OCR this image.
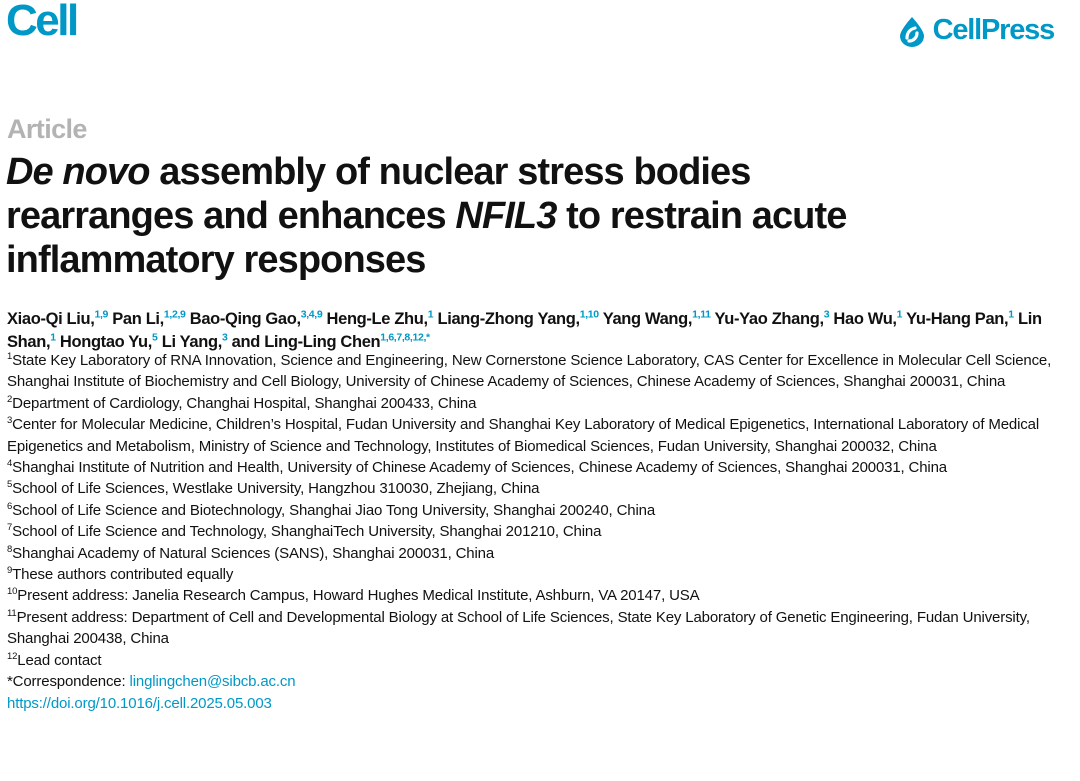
Cell	CellPress
Article
De novo assembly of nuclear stress bodies rearranges and enhances NFIL3 to restrain acute inflammatory responses

Xiao-Qi Liu,$^{1,9}$ Pan Li,$^{1,2,9}$ Bao-Qing Gao,$^{3,4,9}$ Heng-Le Zhu,$^1$ Liang-Zhong Yang,$^{1,10}$ Yang Wang,$^{1,11}$ Yu-Yao Zhang,$^3$ Hao Wu,$^1$ Yu-Hang Pan,$^1$ Lin Shan,$^1$ Hongtao Yu,$^5$ Li Yang,$^3$ and Ling-Ling Chen$^{1,6,7,8,12,*}$

$^1$State Key Laboratory of RNA Innovation, Science and Engineering, New Cornerstone Science Laboratory, CAS Center for Excellence in Molecular Cell Science, Shanghai Institute of Biochemistry and Cell Biology, University of Chinese Academy of Sciences, Chinese Academy of Sciences, Shanghai 200031, China
$^2$Department of Cardiology, Changhai Hospital, Shanghai 200433, China
$^3$Center for Molecular Medicine, Children’s Hospital, Fudan University and Shanghai Key Laboratory of Medical Epigenetics, International Laboratory of Medical Epigenetics and Metabolism, Ministry of Science and Technology, Institutes of Biomedical Sciences, Fudan University, Shanghai 200032, China
$^4$Shanghai Institute of Nutrition and Health, University of Chinese Academy of Sciences, Chinese Academy of Sciences, Shanghai 200031, China
$^5$School of Life Sciences, Westlake University, Hangzhou 310030, Zhejiang, China
$^6$School of Life Science and Biotechnology, Shanghai Jiao Tong University, Shanghai 200240, China
$^7$School of Life Science and Technology, ShanghaiTech University, Shanghai 201210, China
$^8$Shanghai Academy of Natural Sciences (SANS), Shanghai 200031, China
$^9$These authors contributed equally
$^{10}$Present address: Janelia Research Campus, Howard Hughes Medical Institute, Ashburn, VA 20147, USA
$^{11}$Present address: Department of Cell and Developmental Biology at School of Life Sciences, State Key Laboratory of Genetic Engineering, Fudan University, Shanghai 200438, China
$^{12}$Lead contact
*Correspondence: linglingchen@sibcb.ac.cn
https://doi.org/10.1016/j.cell.2025.05.003
